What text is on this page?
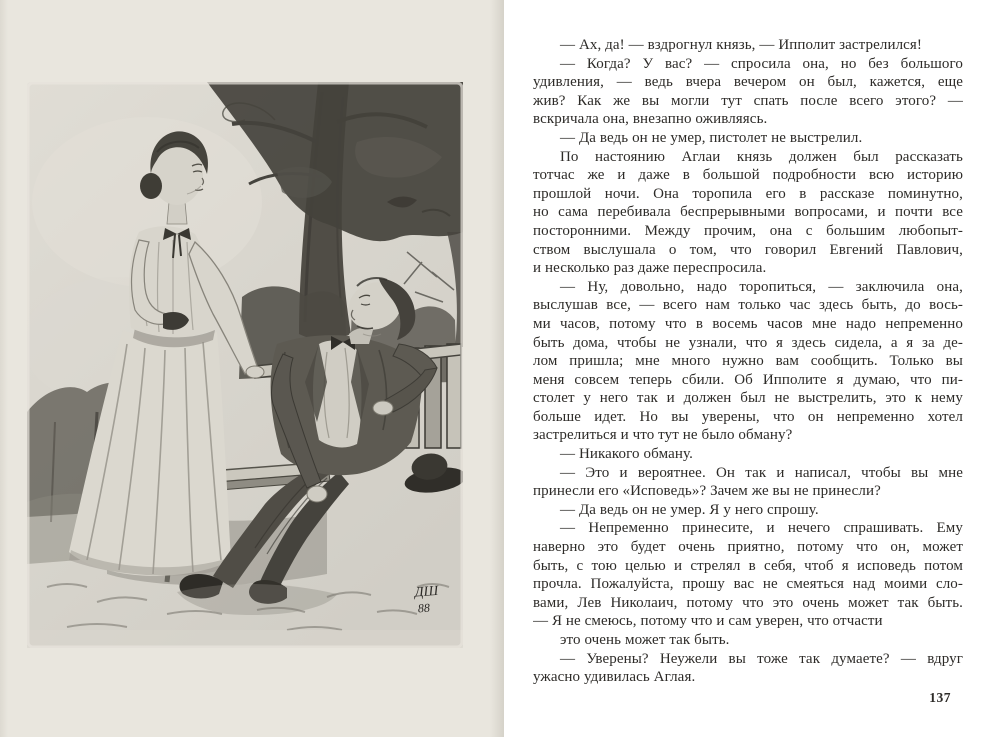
ДШ
88
— Ах, да! — вздрогнул князь, — Ипполит застрелился!
— Когда? У вас? — спросила она, но без большого
удивления, — ведь вчера вечером он был, кажется, еще
жив? Как же вы могли тут спать после всего этого? —
вскричала она, внезапно оживляясь.
— Да ведь он не умер, пистолет не выстрелил.
По настоянию Аглаи князь должен был рассказать
тотчас же и даже в большой подробности всю историю
прошлой ночи. Она торопила его в рассказе поминутно,
но сама перебивала беспрерывными вопросами, и почти все
посторонними. Между прочим, она с большим любопыт-
ством выслушала о том, что говорил Евгений Павлович,
и несколько раз даже переспросила.
— Ну, довольно, надо торопиться, — заключила она,
выслушав все, — всего нам только час здесь быть, до вось-
ми часов, потому что в восемь часов мне надо непременно
быть дома, чтобы не узнали, что я здесь сидела, а я за де-
лом пришла; мне много нужно вам сообщить. Только вы
меня совсем теперь сбили. Об Ипполите я думаю, что пи-
столет у него так и должен был не выстрелить, это к нему
больше идет. Но вы уверены, что он непременно хотел
застрелиться и что тут не было обману?
— Никакого обману.
— Это и вероятнее. Он так и написал, чтобы вы мне
принесли его «Исповедь»? Зачем же вы не принесли?
— Да ведь он не умер. Я у него спрошу.
— Непременно принесите, и нечего спрашивать. Ему
наверно это будет очень приятно, потому что он, может
быть, с тою целью и стрелял в себя, чтоб я исповедь потом
прочла. Пожалуйста, прошу вас не смеяться над моими сло-
вами, Лев Николаич, потому что это очень может так быть.
— Я не смеюсь, потому что и сам уверен, что отчасти
это очень может так быть.
— Уверены? Неужели вы тоже так думаете? — вдруг
ужасно удивилась Аглая.
137
